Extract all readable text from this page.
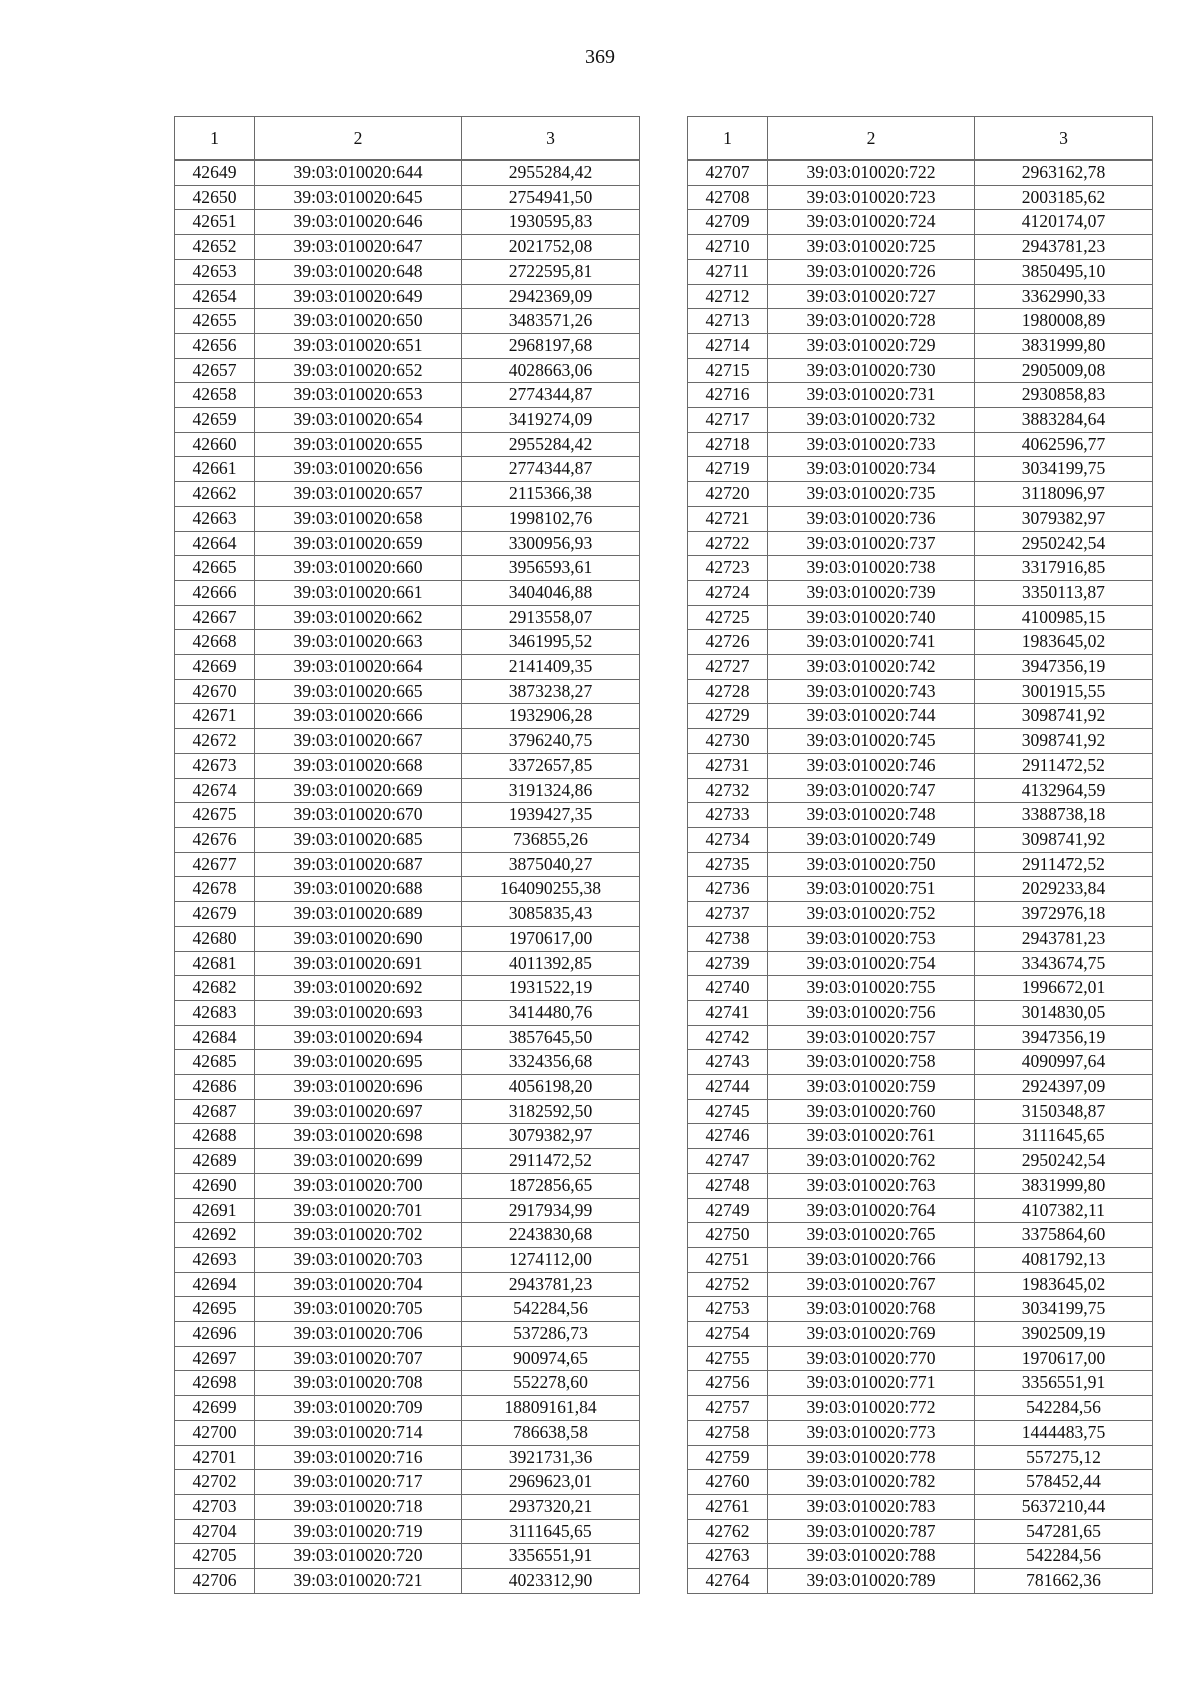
369
1	2	3
42649	39:03:010020:644	2955284,42
42650	39:03:010020:645	2754941,50
42651	39:03:010020:646	1930595,83
42652	39:03:010020:647	2021752,08
42653	39:03:010020:648	2722595,81
42654	39:03:010020:649	2942369,09
42655	39:03:010020:650	3483571,26
42656	39:03:010020:651	2968197,68
42657	39:03:010020:652	4028663,06
42658	39:03:010020:653	2774344,87
42659	39:03:010020:654	3419274,09
42660	39:03:010020:655	2955284,42
42661	39:03:010020:656	2774344,87
42662	39:03:010020:657	2115366,38
42663	39:03:010020:658	1998102,76
42664	39:03:010020:659	3300956,93
42665	39:03:010020:660	3956593,61
42666	39:03:010020:661	3404046,88
42667	39:03:010020:662	2913558,07
42668	39:03:010020:663	3461995,52
42669	39:03:010020:664	2141409,35
42670	39:03:010020:665	3873238,27
42671	39:03:010020:666	1932906,28
42672	39:03:010020:667	3796240,75
42673	39:03:010020:668	3372657,85
42674	39:03:010020:669	3191324,86
42675	39:03:010020:670	1939427,35
42676	39:03:010020:685	736855,26
42677	39:03:010020:687	3875040,27
42678	39:03:010020:688	164090255,38
42679	39:03:010020:689	3085835,43
42680	39:03:010020:690	1970617,00
42681	39:03:010020:691	4011392,85
42682	39:03:010020:692	1931522,19
42683	39:03:010020:693	3414480,76
42684	39:03:010020:694	3857645,50
42685	39:03:010020:695	3324356,68
42686	39:03:010020:696	4056198,20
42687	39:03:010020:697	3182592,50
42688	39:03:010020:698	3079382,97
42689	39:03:010020:699	2911472,52
42690	39:03:010020:700	1872856,65
42691	39:03:010020:701	2917934,99
42692	39:03:010020:702	2243830,68
42693	39:03:010020:703	1274112,00
42694	39:03:010020:704	2943781,23
42695	39:03:010020:705	542284,56
42696	39:03:010020:706	537286,73
42697	39:03:010020:707	900974,65
42698	39:03:010020:708	552278,60
42699	39:03:010020:709	18809161,84
42700	39:03:010020:714	786638,58
42701	39:03:010020:716	3921731,36
42702	39:03:010020:717	2969623,01
42703	39:03:010020:718	2937320,21
42704	39:03:010020:719	3111645,65
42705	39:03:010020:720	3356551,91
42706	39:03:010020:721	4023312,90
1	2	3
42707	39:03:010020:722	2963162,78
42708	39:03:010020:723	2003185,62
42709	39:03:010020:724	4120174,07
42710	39:03:010020:725	2943781,23
42711	39:03:010020:726	3850495,10
42712	39:03:010020:727	3362990,33
42713	39:03:010020:728	1980008,89
42714	39:03:010020:729	3831999,80
42715	39:03:010020:730	2905009,08
42716	39:03:010020:731	2930858,83
42717	39:03:010020:732	3883284,64
42718	39:03:010020:733	4062596,77
42719	39:03:010020:734	3034199,75
42720	39:03:010020:735	3118096,97
42721	39:03:010020:736	3079382,97
42722	39:03:010020:737	2950242,54
42723	39:03:010020:738	3317916,85
42724	39:03:010020:739	3350113,87
42725	39:03:010020:740	4100985,15
42726	39:03:010020:741	1983645,02
42727	39:03:010020:742	3947356,19
42728	39:03:010020:743	3001915,55
42729	39:03:010020:744	3098741,92
42730	39:03:010020:745	3098741,92
42731	39:03:010020:746	2911472,52
42732	39:03:010020:747	4132964,59
42733	39:03:010020:748	3388738,18
42734	39:03:010020:749	3098741,92
42735	39:03:010020:750	2911472,52
42736	39:03:010020:751	2029233,84
42737	39:03:010020:752	3972976,18
42738	39:03:010020:753	2943781,23
42739	39:03:010020:754	3343674,75
42740	39:03:010020:755	1996672,01
42741	39:03:010020:756	3014830,05
42742	39:03:010020:757	3947356,19
42743	39:03:010020:758	4090997,64
42744	39:03:010020:759	2924397,09
42745	39:03:010020:760	3150348,87
42746	39:03:010020:761	3111645,65
42747	39:03:010020:762	2950242,54
42748	39:03:010020:763	3831999,80
42749	39:03:010020:764	4107382,11
42750	39:03:010020:765	3375864,60
42751	39:03:010020:766	4081792,13
42752	39:03:010020:767	1983645,02
42753	39:03:010020:768	3034199,75
42754	39:03:010020:769	3902509,19
42755	39:03:010020:770	1970617,00
42756	39:03:010020:771	3356551,91
42757	39:03:010020:772	542284,56
42758	39:03:010020:773	1444483,75
42759	39:03:010020:778	557275,12
42760	39:03:010020:782	578452,44
42761	39:03:010020:783	5637210,44
42762	39:03:010020:787	547281,65
42763	39:03:010020:788	542284,56
42764	39:03:010020:789	781662,36
